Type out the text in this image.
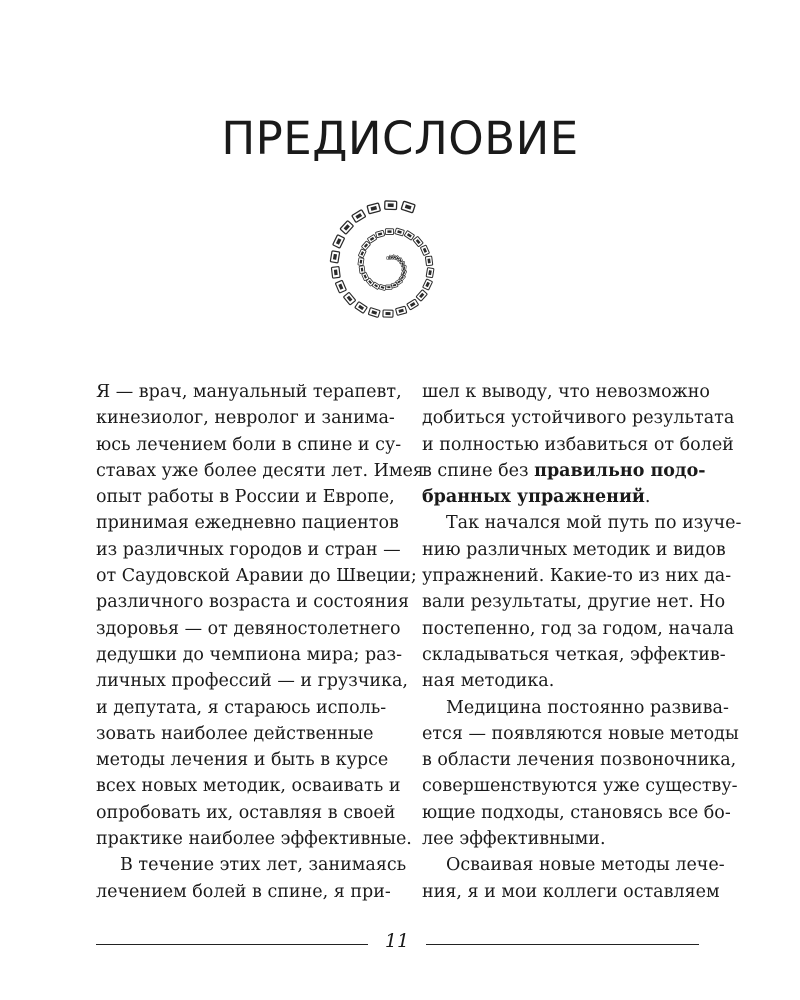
ПРЕДИСЛОВИЕ
Я — врач, мануальный терапевт,
кинезиолог, невролог и занима-
юсь лечением боли в спине и су-
ставах уже более десяти лет. Имея
опыт работы в России и Европе,
принимая ежедневно пациентов
из различных городов и стран —
от Саудовской Аравии до Швеции;
различного возраста и состояния
здоровья — от девяностолетнего
дедушки до чемпиона мира; раз-
личных профессий — и грузчика,
и депутата, я стараюсь исполь-
зовать наиболее действенные
методы лечения и быть в курсе
всех новых методик, осваивать и
опробовать их, оставляя в своей
практике наиболее эффективные.
В течение этих лет, занимаясь
лечением болей в спине, я при-
шел к выводу, что невозможно
добиться устойчивого результата
и полностью избавиться от болей
в спине без правильно подо-
бранных упражнений.
Так начался мой путь по изуче-
нию различных методик и видов
упражнений. Какие-то из них да-
вали результаты, другие нет. Но
постепенно, год за годом, начала
складываться четкая, эффектив-
ная методика.
Медицина постоянно развива-
ется — появляются новые методы
в области лечения позвоночника,
совершенствуются уже существу-
ющие подходы, становясь все бо-
лее эффективными.
Осваивая новые методы лече-
ния, я и мои коллеги оставляем
11
